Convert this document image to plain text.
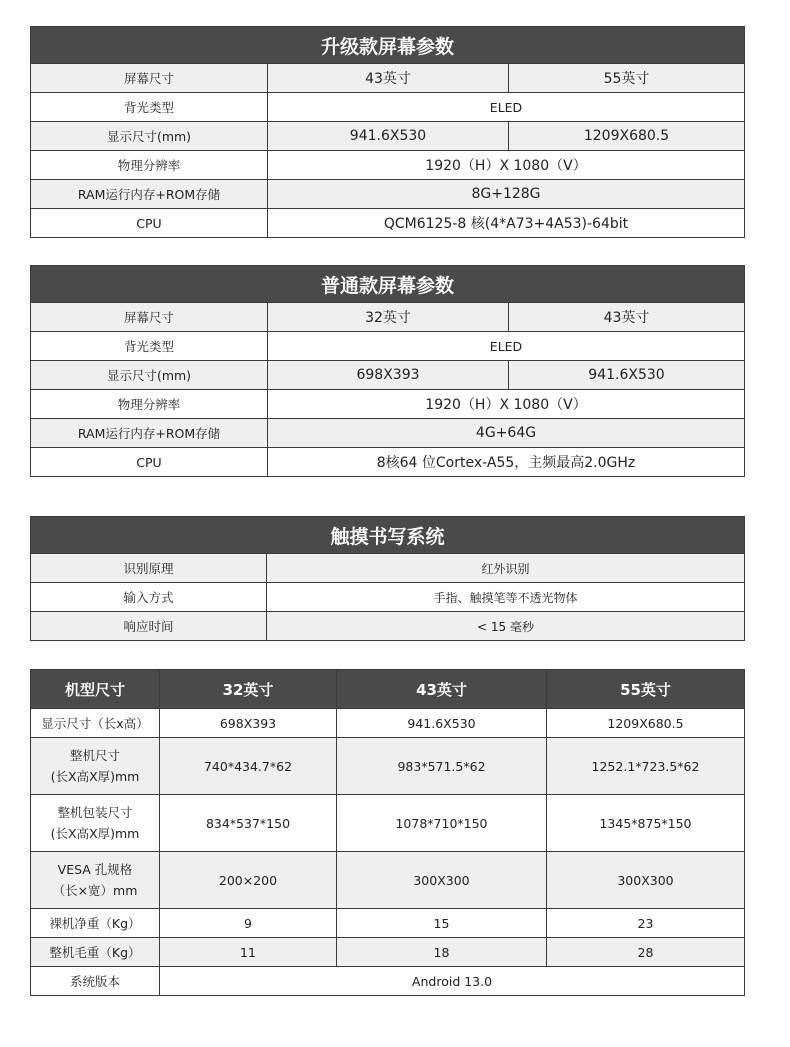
升级款屏幕参数		
屏幕尺寸	43英寸	55英寸
背光类型	ELED	
显示尺寸(mm)	941.6X530	1209X680.5
物理分辨率	1920（H）X 1080（V）	
RAM运行内存+ROM存储	8G+128G	
CPU	QCM6125-8 核(4*A73+4A53)-64bit	
普通款屏幕参数		
屏幕尺寸	32英寸	43英寸
背光类型	ELED	
显示尺寸(mm)	698X393	941.6X530
物理分辨率	1920（H）X 1080（V）	
RAM运行内存+ROM存储	4G+64G	
CPU	8核64 位Cortex-A55，主频最高2.0GHz	
触摸书写系统	
识别原理	红外识别
输入方式	手指、触摸笔等不透光物体
响应时间	< 15 毫秒
机型尺寸	32英寸	43英寸	55英寸
显示尺寸（长x高）	698X393	941.6X530	1209X680.5

整机尺寸
(长X高X厚)mm	740*434.7*62	983*571.5*62	1252.1*723.5*62

整机包装尺寸
(长X高X厚)mm	834*537*150	1078*710*150	1345*875*150

VESA 孔规格
（长×宽）mm	200×200	300X300	300X300
裸机净重（Kg）	9	15	23
整机毛重（Kg）	11	18	28
系统版本	Android 13.0		
